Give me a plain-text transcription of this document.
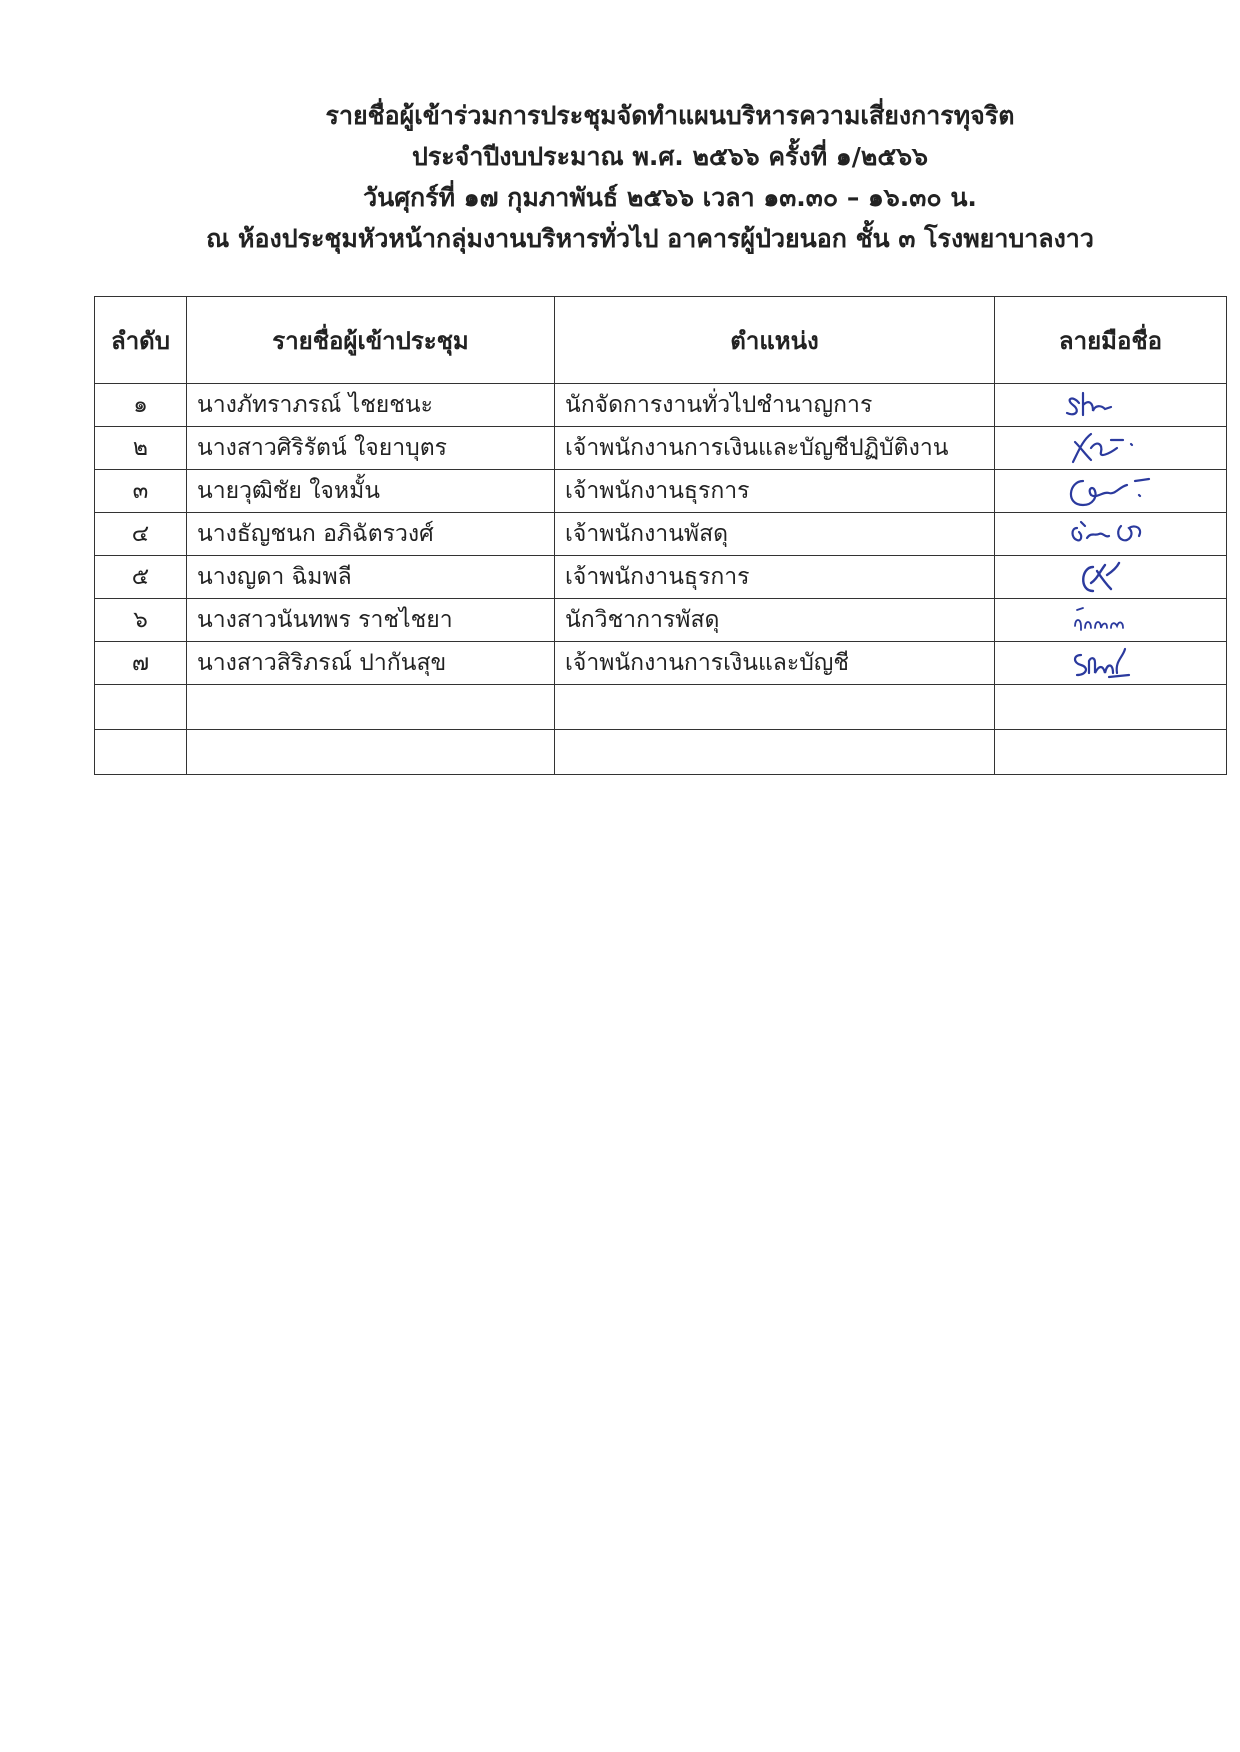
รายชื่อผู้เข้าร่วมการประชุมจัดทำแผนบริหารความเสี่ยงการทุจริต
ประจำปีงบประมาณ พ.ศ. ๒๕๖๖ ครั้งที่ ๑/๒๕๖๖
วันศุกร์ที่ ๑๗ กุมภาพันธ์ ๒๕๖๖ เวลา ๑๓.๓๐ – ๑๖.๓๐ น.
ณ ห้องประชุมหัวหน้ากลุ่มงานบริหารทั่วไป อาคารผู้ป่วยนอก ชั้น ๓ โรงพยาบาลงาว
ลำดับ	รายชื่อผู้เข้าประชุม	ตำแหน่ง	ลายมือชื่อ
๑	นางภัทราภรณ์ ไชยชนะ	นักจัดการงานทั่วไปชำนาญการ	

๒	นางสาวศิริรัตน์ ใจยาบุตร	เจ้าพนักงานการเงินและบัญชีปฏิบัติงาน	

๓	นายวุฒิชัย ใจหมั้น	เจ้าพนักงานธุรการ	

๔	นางธัญชนก อภิฉัตรวงศ์	เจ้าพนักงานพัสดุ	

๕	นางญดา ฉิมพลี	เจ้าพนักงานธุรการ	

๖	นางสาวนันทพร ราชไชยา	นักวิชาการพัสดุ	

๗	นางสาวสิริภรณ์ ปากันสุข	เจ้าพนักงานการเงินและบัญชี	
